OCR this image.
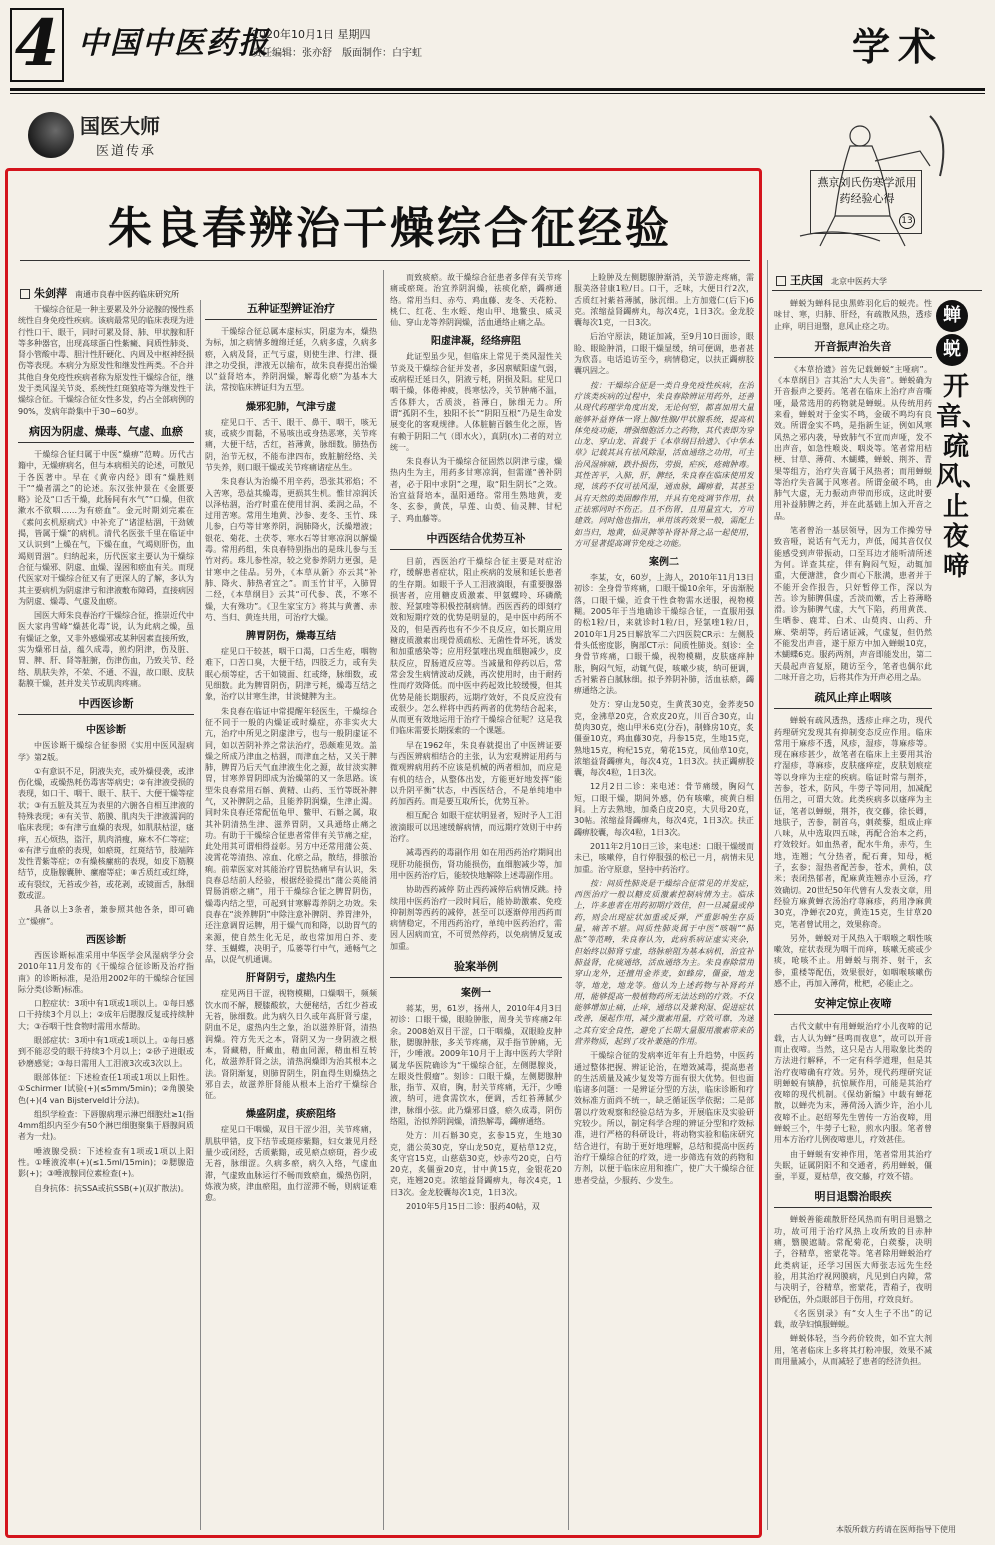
4 中国中医药报
2020年10月1日 星期四
责任编辑：张亦舒　版面制作：白宇虹	学术
国医大师
医道传承
燕京刘氏伤寒学派用药经验心得
13
朱良春辨治干燥综合征经验
朱剑萍 南通市良春中医药临床研究所

干燥综合征是一种主要累及外分泌腺的慢性系统性自身免疫性疾病。该病最常见的临床表现为进行性口干、眼干，同时可累及肾、肺、甲状腺和肝等多种器官，出现高球蛋白性紫癜、间质性肺炎、肾小管酸中毒、胆汁性肝硬化、内周及中枢神经损伤等表现。本病分为原发性和继发性两类。不合并其他自身免疫性疾病者称为原发性干燥综合征，继发于类风湿关节炎、系统性红斑狼疮等为继发性干燥综合征。干燥综合征女性多发，约占全部病例的90%，发病年龄集中于30~60岁。

病因为阴虚、燥毒、气虚、血瘀

干燥综合征归属于中医“燥痹”范畴。历代古籍中，无燥痹病名，但与本病相关的论述，可散见于各医著中。早在《黄帝内经》即有“燥胜则干”“燥者濡之”的论述。东汉张仲景在《金匮要略》论及“口舌干燥，此肠间有水气”“口燥，但欲漱水不欲咽……为有瘀血”。金元时期刘完素在《素问玄机原病式》中补充了“诸涩枯涸，干劲皴揭，皆属于燥”的病机。清代名医张千里在临证中又认识到“上燥在气，下燥在血，气竭则肝伤，血竭则胃涸”。归纳起来，历代医家主要认为干燥综合征与燥邪、阴虚、血燥、湿困和瘀血有关。而现代医家对干燥综合征又有了更深人的了解，多认为其主要病机为阴虚津亏和津液敷布障碍，直接病因为阴虚、燥毒、气虚及血瘀。

国医大师朱良春治疗干燥综合征，推崇近代中医大家冉雪峰“燥甚化毒”说，认为此病之燥，虽有燥证之象，又非外感燥邪或某种因素直接所致，实为燥邪日益，蕴久成毒，煎灼阴津，伤及脏、胃、脾、肝、肾等脏腑，伤津伤血，乃致关节、经络、肌肤失养，不荣、不通、不温，故口眼、皮肤黏膜干燥，甚并发关节或肌肉疼痛。

中西医诊断
中医诊断

中医诊断干燥综合征参照《实用中医风湿病学》第2版。

①有意识不足，阴液失充，或外燥侵袭，或津伤化燥，或燥热耗伤毒害等病史；②有津液受损的表现，如口干、咽干、眼干、肤干、大便干燥等症状；③有五脏及其互为表里的六腑各自相互津液的特殊表现；④有关节、筋膜、肌肉失于津液濡润的临床表现；⑤有津亏血燥的表现，如肌肤枯涩，瘙痒，五心烦热，盗汗，肌肉消瘦，麻木不仁等症；⑥有津亏血瘀的表现，如瘀斑，红斑结节，肢端阵发性青紫等症；⑦有燥核瘰疬的表现，如皮下筋膜结节，皮脂腺囊肿、瘰瘤等症；⑧舌质红或红绛，或有裂纹，无苔或少苔，或花剥，或镜面舌，脉细数或涩。

具备以上3条者，兼参照其他各条，即可确立“燥痹”。

西医诊断

西医诊断标准采用中华医学会风湿病学分会2010年11月发布的《干燥综合征诊断及治疗指南》的诊断标准，是沿用2002年的干燥综合征国际分类(诊断)标准。

口腔症状：3项中有1项或1项以上。①每日感口干持续3个月以上；②成年后腮腺反复或持续肿大；③吞咽干性食物时需用水帮助。

眼部症状：3项中有1项或1项以上。①每日感到不能忍受的眼干持续3个月以上；②砂子进眼或砂磨感觉；③每日需用人工泪液3次或3次以上。

眼部体征：下述检查任1项或1项以上阳性。①Schirmer I试验(+)(≤5mm/5min)；②角膜染色(+)(4 van Bijsterveld计分法)。

组织学检查：下唇腺病理示淋巴细胞灶≥1(指4mm组织内至少有50个淋巴细胞聚集于唇腺间质者为一灶)。

唾液腺受损：下述检查有1项或1项以上阳性。①唾液流率(+)(≤1.5ml/15min)；②腮腺造影(+)；③唾液腺同位素检查(+)。

自身抗体：抗SSA或抗SSB(+)(双扩散法)。

五种证型辨证治疗

干燥综合征总属本虚标实，阴虚为本，燥热为标，加之病情多缠绵迁延，久病多虚，久病多瘀，入病及肾，正气亏虚，则使生津、行津、摄津之功受损，津液无以输布，故朱良春提出治燥以“益肾培本，养阴润燥，解毒化瘀”为基本大法，常按临床辨证归为五型。

燥邪犯肺，气津亏虚

症见口干、舌干、眼干、鼻干、咽干，咳无痰，或痰少而黏，不易咳出或身热恶寒，关节疼痛，大便干结，舌红，苔薄黄，脉细数。肺热伤阴，治节无权，不能布津四布，致脏腑经络、关节失养，则口眼干燥或关节疼痛诸症丛生。

朱良春认为治燥不用辛药，恐张其邪焰；不入苦寒，恐益其燥毒，更损其生机。惟甘凉润沃以泽枯涸，治疗时重在使用甘润、柔润之品，不过用苦寒。常用生地黄、沙参、麦冬、玉竹、珠儿参，白芍等甘寒养阴，润肺降火，沃燥增液；银花、菊花、土茯苓、寒水石等甘寒凉润以解燥毒。常用药组，朱良春特别指出的是珠儿参与玉竹对药。珠儿参性凉，较之党参养阴力更强，是甘寒中之佳品。另外，《本草从新》亦云其“补肺、降火、肺热者宜之”。而玉竹甘平，入肺胃二经，《本草纲目》云其“可代参、芪，不寒不燥，大有殊功”。《卫生家宝方》将其与黄蓍、赤芍、当归、黄连共用，可治疗大燥。

脾胃阴伤，燥毒互结

症见口干较甚，咽干口渴，口舌生疮，咽物难下，口苦口臭，大便干结，四肢乏力，或有失眠心烦等症，舌干如镜面、红或绛，脉细数，或见细数。此为脾胃阴伤，阴津亏耗，燥毒互结之象，治疗以甘寒生津，甘淡健脾为主。

朱良春在临证中常提醒年轻医生，干燥综合征不同于一般的内燥证或时燥症，亦非实火大亢，治疗中所见之阴虚津亏，也与一般阴虚证不同，如以苦阴补养之常法治疗，恐颇难见效。盖燥之所成乃津血之枯涸，而津血之枯，又关于脾肺，脾胃乃后天气血津液生化之源，故甘淡实脾胃，甘寒养胃阴即成为治燥第的又一条思路。该型朱良春常用石斛、黄精、山药、玉竹等既补脾气，又补脾阴之品，且能养阴润燥，生津止渴。同时朱良春还常配伍龟甲、鳖甲、石斛之属，取其补阴清热生津、滋养胃阴，又具通络止痛之功。有助于干燥综合征患者常伴有关节痛之症，此处用其可谓相得益彰。另方中还常用蒲公英、凌霄花等清热、凉血、化瘀之品，散结，排脓治痢。前辈医家对其能治疗胃脘热痛早有认识，朱良春总结前人经验，根据经验提出“蒲公英能消胃肠消瘀之痛”，用于干燥综合征之脾胃阴伤，燥毒内结之型，可起到甘寒解毒养阴之功效。朱良春在“淡养脾阴”中除注意补脾阴、养胃津外，还注意调胃运脾，用于燥气而和降，以助胃气的来源，使自然生化无足，故也常加用白芥、麦芽、玉蝴蝶，决明子，瓜蒌等行中气，通畅气之品，以促气机通调。

肝肾阴亏，虚热内生

症见两目干涩，视物模糊，口燥咽干，频频饮水而不解，腰膝酸软，大便秘结，舌红少苔或无苔，脉细数。此为病久日久或年高肝肾亏虚，阴血不足，虚热内生之象，治以滋养肝肾，清热润燥。符方先天之本，肾阴又为一身阴液之根本，肾藏精，肝藏血，精血同源，精血相互转化，故滋养肝肾之法，清热润燥即为治其根本之法。肾阴渐复，则肺胃阴生，阴血得生则燥热之邪自去，故滋养肝肾能从根本上治疗干燥综合征。

燥盛阴虚，痰瘀阻络

症见口干咽燥，双目干涩少泪，关节疼痛，肌肤甲错，皮下结节或斑疹紫黯，妇女兼见月经量少或闭经，舌质紫黯，或见瘀点瘀斑，苔少或无苔，脉细涩。久病多瘀，病久入络，气虚血滞，气虚致血脉运行不畅而致瘀血，燥热伤阴，炼液为痰，津血瘀阻，血行涩滞不畅，则病证难愈。

而致痰瘀。故干燥综合征患者多伴有关节疼痛或瘀斑。治宜养阴润燥，祛痰化瘀，蠲痹通络。常用当归、赤芍、鸡血藤、麦冬、天花粉、桃仁、红花、生水蛭、炮山甲、地鳖虫、威灵仙、穿山龙等养阴润燥，活血通络止痛之品。

阳虚津凝，经络痹阻

此证型虽少见，但临床上常见于类风湿性关节炎及干燥综合征并发者，多因禀赋阳虚气弱，或病程迁延日久，阴液亏耗，阴损及阳。症见口咽干燥，体倦神疲，畏寒怯冷，关节肿痛不温，舌体胖大，舌质淡，苔薄白，脉细无力。所谓“孤阴不生，独阳不长”“阴阳互根”乃是生命发展变化的客观规律。人体脏腑百骸生化之原，皆有赖于阴阳二气（即水火），真阴(水)二者的对立统一。

朱良春认为干燥综合征固然以阴津亏虚，燥热内生为主，用药多甘寒凉润，但需谨“善补阴者，必于阳中求阴”之理，取“阳生阴长”之效。治宜益肾培本，温阳通络。常用生熟地黄，麦冬、玄参，黄芪，旱莲、山萸、仙灵脾、甘杞子、鸡血藤等。

中西医结合优势互补

目前，西医治疗干燥综合征主要是对症治疗，缓解患者症状，阻止疾病的发展和延长患者的生存期。如眼干予人工泪液滴眼，有重要腺器损害者，应用糖皮质激素、甲氨蝶呤、环磷酰胺、羟氯喹等积极控制病情。西医西药的即刻疗效和短期疗效的优势是明显的，是中医中药所不及的，但是西药也有不少不良反应，如长期应用糖皮质激素出现骨质疏松、无菌性骨坏死，诱发和加重感染等；应用羟氯喹出现血细胞减少，皮肤反应，胃肠道反应等。当减量和停药以后，常常会发生病情波动反跳，再次使用时，由于耐药性而疗效降低。而中医中药起效比较缓慢，但其优势是能长期服药，远期疗效好，不良反应没有或很少。怎么样将中西药两者的优势结合起来，从而更有效地运用于治疗干燥综合征呢？这是我们临床需要长期探索的一个课题。

早在1962年，朱良春就提出了中医辨证要与西医辨病相结合的主张，认为宏观辨证用药与微观辨病用药不应该是机械的两者相加，而应是有机的结合，从整体出发，方能更好地发挥“能以升阴平衡”状态，中西医结合，不是单纯地中药加西药。而是要互取所长，优势互补。

相互配合 如眼干症状明显者，短时予人工泪液滴眼可以迅速缓解病情，而远期疗效则于中药治疗。

减毒西药的毒副作用 如在用西药治疗期间出现肝功能损伤，肾功能损伤，血细胞减少等，加用中医药治疗后，能较快地解除上述毒副作用。

协助西药减停 防止西药减停后病情反跳。持续用中医药治疗一段时间后，能协助激素、免疫抑制剂等西药的减停，甚至可以逐渐停用西药而病情稳定，不用西药治疗，单纯中医药治疗，需因人因病而宜，不可贸然停药，以免病情反复或加重。

验案举例
案例一

蒋某，男，61岁，扬州人，2010年4月3日初诊：口眼干燥，眼睑肿胀，周身关节疼痛2年余。2008始双目干涩，口干咽燥，双眼睑皮肿胀，腮腺肿胀，多关节疼痛，双手指节肿痛，无汗，少唾液。2009年10月于上海中医药大学附属龙华医院确诊为“干燥综合征，左侧腮腺炎，左眼炎性假瘤”。刻诊：口眼干燥，左侧腮腺肿胀，指节、双肩，胸，肘关节疼痛，无汗，少唾液，纳可，进食需饮水，便调，舌红苔薄腻少津，脉细小弦。此乃燥邪日盛，瘀久成毒，阴伤络阻，治拟养阴润燥，清热解毒，蠲痹通络。

处方：川石斛30克，玄参15克，生地30克，蒲公英30克，穿山龙50克，夏枯草12克，炙守宫15克，山慈菇30克，炒赤芍20克，白芍20克，炙僵蚕20克，甘中黄15克，金银花20克，连翘20克。浓缩益肾蠲痹丸，每次4克，1日3次。金龙胶囊每次1克，1日3次。

2010年5月15日二诊：服药40帖，双

上睑肿及左侧腮腺肿渐消，关节游走疼痛，需服美洛昔康1粒/日。口干，乏味，大便日行2次，舌质红衬紫苔薄腻，脉沉细。上方加蔻仁(后下)6克。浓缩益肾蠲痹丸，每次4克，1日3次。金龙胶囊每次1克，一日3次。

后治守原法，随证加减，至9月10日面诊，眼睑、眼睑肿消，口眼干燥显缓，纳可便调，患者甚为欣喜。电话追访至今，病情稳定，以扶正蠲痹胶囊巩固之。

按：干燥综合征是一类自身免疫性疾病，在治疗该类疾病的过程中，朱良春除辨证用药外，还善从现代药理学角度出发，无论何型，都喜加用大量能够补益脊体一肾上腺/性腺/甲状腺系统，提高机体免疫功能，增强细胞活力之药物，其代表即为穿山龙、穿山龙、首载于《本草纲目拾遗》、《中华本草》记载其具有祛风除湿，活血通络之功用，可主治风湿痹痛，跌扑损伤，劳损，疟疾，疮痈肿毒。其性苦平，入肺，肝，脾经，朱良春在临床使用发现，该药不仅可祛风湿，通血脉，蠲痹着，其甚至具有天然的类固醇作用，并具有免疫调节作用，扶正祛邪同时不伤正。且不伤胃，且用量宜大，方可建效。同时他也指出，单用该药效果一般，需配上如当归，地黄，仙灵脾等补肾补肾之品一起使用，方可显著提高调节免疫之功能。

案例二

李某，女，60岁，上海人，2010年11月13日初诊：全身骨节疼痛，口眼干燥10余年，牙齿渐脱落，口眼干燥，近食干性食物需水送服，视物模糊。2005年于当地确诊干燥综合征，一直服用强的松1粒/日，来就诊时1粒/日，羟氯喹1粒/日，2010年1月25日解放军二六四医院CR示：左侧股骨头低密度影，胸部CT示：间质性肺炎。刻诊：全身骨节疼痛，口眼干燥，视物模糊，皮肤瘙痒肿胀，胸闷气短，动辄气促，咳嗽少痰，纳可便调，舌衬紫苔白腻脉细。拟予养阴补肺，活血祛瘀，蠲痹通络之法。

处方：穿山龙50克，生黄芪30克，金荞麦50克，金沸草20克，合欢皮20克，川百合30克，山萸肉30克，炮山甲米6克(分吞)，制蜂房10克，炙僵蚕10克，鸡血藤30克，丹参15克，生地15克，熟地15克，枸杞15克，菊花15克，凤仙草10克，浓缩益肾蠲痹丸，每次4克，1日3次。扶正蠲痹胶囊，每次4粒，1日3次。

12月2日二诊：来电述：骨节痛缓，胸闷气短，口眼干燥，期间外感，仍有咳嗽，痰黄白相间。上方去熟地，加桑白皮20克，大贝母20克，30帖。浓缩益肾蠲痹丸，每次4克，1日3次。扶正蠲痹胶囊，每次4粒，1日3次。

2011年2月10日三诊，来电述：口眼干燥缓而未已，咳嗽停，自行停服强的松已一月，病情未见加重。治守原意，坚持中药治疗。

按：间质性肺炎是干燥综合征常见的并发症，西医治疗一般以糖皮质激素控制病情为主。临床上，许多患者在用药初期疗效佳，但一旦减量或停药，则会出现症状加重或反弹，严重影响生存质量，痛苦不堪。间质性肺炎属于中医“咳喘”“肺胀”等范畴，朱良春认为，此病系病证虚实夹杂，但始终以肺肾亏虚，络脉瘀阻为基本病机，治宜补肺益肾，化痰通络，活血通络为主。朱良春除常用穿山龙外，还擅用金荞麦，如蜂房，僵蚕，地龙等，地龙，地龙等。他认为上述药物与补肾药并用，能够提高一般植物药所无法达到的疗效。不仅能够增加止痛，止痒，通络以及兼利湿、促进症状改善，屡起作用，减少激素用量，疗效可靠，为迷之其有安全良性，避免了长期大量服用激素带来的营养物质，起到了攻补兼施的作用。

干燥综合征的发病率近年有上升趋势，中医药通过整体把握、辨证论治，在增效减毒，提高患者的生活质量及减少复发等方面有很大优势。但也面临诸多问题：一是辨证分型的方法，临床诊断和疗效标准方面尚不统一，缺乏循证医学依据；二是部署以疗效观察和经验总结为多，开展临床及实验研究较少。所以，制定科学合理的辨证分型和疗效标准，进行严格的科研设计，将动物实验和临床研究结合进行，有助于更好地理解，总结和提高中医药治疗干燥综合征的疗效，进一步筛选有效的药物和方剂，以便于临床应用和推广，使广大干燥综合征患者受益，少服药、少发生。

王庆国 北京中医药大学
蝉
蜕
开音、疏风、止夜啼

蝉蜕为蝉科昆虫黑蚱羽化后的蜕壳。性味甘、寒，归肺、肝经，有疏散风热，透疹止痒，明目退翳，息风止痉之功。

开音振声治失音

《本草拾遗》首先记载蝉蜕“主哑病”。《本草纲目》言其治“大人失音”。蝉蜕确为开音振声之要药。笔者在临床上治疗声音嘶哑，最常选用的药物就是蝉蜕。从传统用药来看，蝉蜕对于金实不鸣，金破不鸣均有良效。所谓金实不鸣，是指新生证，例如风寒风热之邪内袭，导致肺气不宣而声哑，发不出声音，如急性喉炎、咽炎等。笔者常用桔梗、甘草、薄荷、木蝴蝶，蝉蜕、荆芥、青果等组方，治疗失音属于风热者；而用蝉蜕等治疗失音属于风寒者。所谓金破不鸣，由肺气大虚，无力振动声带而形成，这此时要用补益肺脾之药，并在此基础上加入开音之品。

笔者曾治一基层领导，因为工作操劳导致音哑，说话有气无力，声低，闻其音仅仅能感受到声带振动，口至耳边才能听清所述为何。详查其症，伴有胸闷气短，动辄加重，大便溏泄，食少而心下胀满，患者并于不能开会作报告，只好暂停工作，深以为苦。诊为肺脾俱虚，舌淡而嫩，舌上苔薄略滑。诊为肺脾气虚，大气下陷，药用黄芪、生晒参、鹿茸、白术、山萸肉、山药、升麻、柴胡等，药后诸证减，气虚复，但仍然不能发出声音，遂于原方中加入蝉蜕10克，木蝴蝶6克。服药两剂，声音即能发出，第二天晨起声音复原，随访至今，笔者也偶尔此二味开音之功，后将其作为开声必用之品。

疏风止痒止咽咳

蝉蜕有疏风透热，透疹止痒之功，现代药理研究发现其有抑制变态反应作用。临床常用于麻疹不透，风疹，湿疹，荨麻疹等。现在麻疹甚少，故笔者在临床上主要用其治疗湿疹，荨麻疹，皮肤瘙痒症，皮肤划痕症等以身痒为主症的疾病。临证时常与荆芥，苦参，苍术，防风，牛蒡子等同用，加减配伍用之，可谓大效。此类疾病多以瘙痒为主证，笔者以蝉蜕，荆芥，夜交藤，徐长卿，地肤子，苦参，制首乌，刺蒺藜，组成止痒八味，从中选取四五味，再配合治本之药，疗效较好。如血热者，配水牛角，赤芍，生地，连翘；气分热者，配石膏，知母，栀子，玄参；湿热者配苦参，苍术，黄柏，苡米；表闭热郁者，配麻黄连翘赤小豆汤，疗效确切。20世纪50年代曾有人发表文章，用经验方麻黄蝉衣汤治疗荨麻疹，药用净麻黄30克，净蝉衣20克，黄连15克，生甘草20克，笔者曾试用之，效果称奇。

另外，蝉蜕对于风热入于咽喉之咽性咳嗽效，症状表现为咽干而痒，咳嗽无痰或少痰，呛咳不止。用蝉蜕与荆芥、射干，玄参，重楼等配伍，效果很好，如咽喉咳嗽伤感不止，再加入薄荷，枇杷，必能止之。

安神定惊止夜啼

古代文献中有用蝉蜕治疗小儿夜啼的记载，古人认为蝉“昼鸣而夜息”，故可以开音而止夜啼。当然，这只是古人用取象比类的方法进行解释，不一定有科学道理，但是其治疗夜啼确有疗效。另外，现代药理研究证明蝉蜕有镇静，抗惊厥作用，可能是其治疗夜啼的现代机制。《保幼新编》中载有蝉花散，以蝉壳为末，薄荷汤入酒少许，治小儿夜啼不止。赵绍琴先生曾传一方治夜啼，用蝉蜕三个，牛蒡子七粒，煎水内服。笔者曾用本方治疗儿例夜啼患儿，疗效甚佳。

由于蝉蜕有安神作用，笔者常用其治疗失眠，证属阴阳不和交通者，药用蝉蜕，僵蚕，半夏，夏枯草，夜交藤，疗效不错。

明目退翳治眼疾

蝉蜕善能疏散肝经风热而有明目退翳之功，故可用于治疗风热上攻所致的目赤肿痛，翳膜遮睛。常配菊花，白蒺藜，决明子，谷精草，密蒙花等。笔者除用蝉蜕治疗此类病证，还学习国医大师张志远先生经验，用其治疗视网膜病，凡见到白内障，常与决明子，谷精草，密蒙花，青葙子，夜明砂配伍，外点眼部目于伤用，疗效良好。

《名医别录》有“女人生子不出”的记载，故孕妇慎服蝉蜕。

蝉蜕体轻，当今药价较贵，如不宜大剂用，笔者临床上多将其打粉冲服，效果不减而用量减小，从而减轻了患者的经济负担。

本版所载方药请在医师指导下使用
